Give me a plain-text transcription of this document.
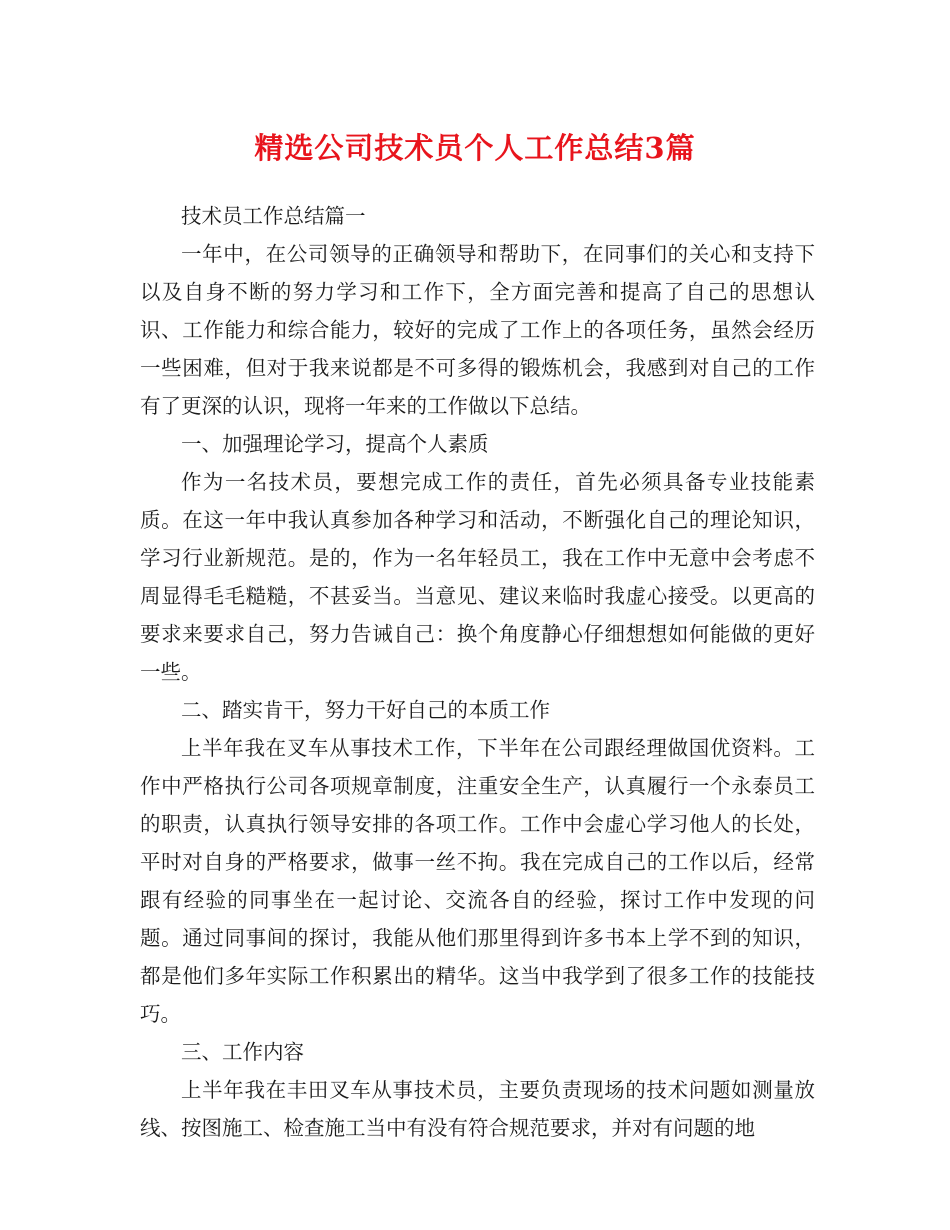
精选公司技术员个人工作总结3篇

技术员工作总结篇一

一年中，在公司领导的正确领导和帮助下，在同事们的关心和支持下以及自身不断的努力学习和工作下，全方面完善和提高了自己的思想认识、工作能力和综合能力，较好的完成了工作上的各项任务，虽然会经历一些困难，但对于我来说都是不可多得的锻炼机会，我感到对自己的工作有了更深的认识，现将一年来的工作做以下总结。

一、加强理论学习，提高个人素质

作为一名技术员，要想完成工作的责任，首先必须具备专业技能素质。在这一年中我认真参加各种学习和活动，不断强化自己的理论知识，学习行业新规范。是的，作为一名年轻员工，我在工作中无意中会考虑不周显得毛毛糙糙，不甚妥当。当意见、建议来临时我虚心接受。以更高的要求来要求自己，努力告诫自己：换个角度静心仔细想想如何能做的更好一些。

二、踏实肯干，努力干好自己的本质工作

上半年我在叉车从事技术工作，下半年在公司跟经理做国优资料。工作中严格执行公司各项规章制度，注重安全生产，认真履行一个永泰员工的职责，认真执行领导安排的各项工作。工作中会虚心学习他人的长处，平时对自身的严格要求，做事一丝不拘。我在完成自己的工作以后，经常跟有经验的同事坐在一起讨论、交流各自的经验，探讨工作中发现的问题。通过同事间的探讨，我能从他们那里得到许多书本上学不到的知识，都是他们多年实际工作积累出的精华。这当中我学到了很多工作的技能技巧。

三、工作内容

上半年我在丰田叉车从事技术员，主要负责现场的技术问题如测量放线、按图施工、检查施工当中有没有符合规范要求，并对有问题的地
